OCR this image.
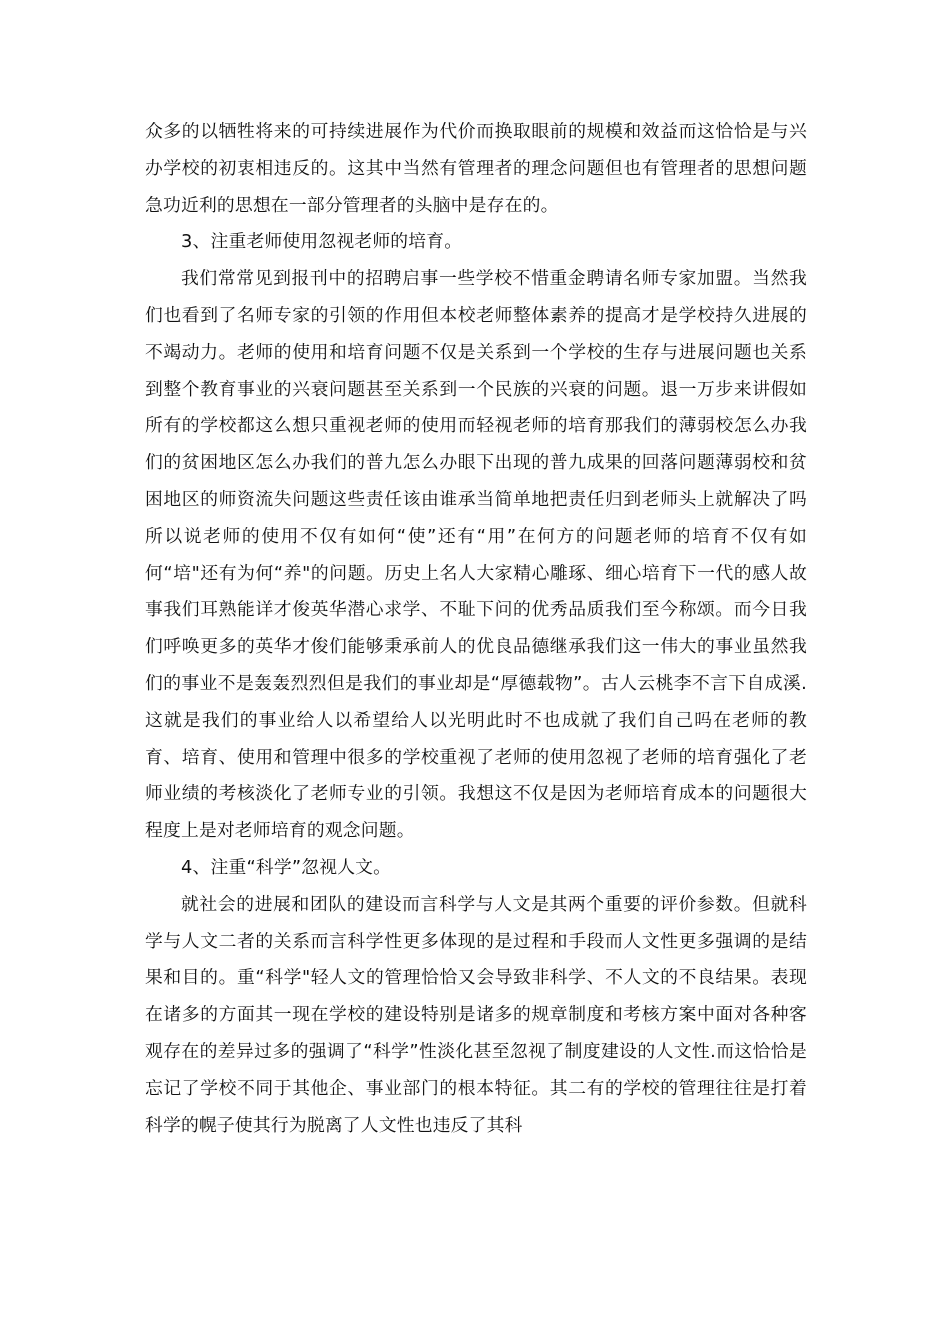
众多的以牺牲将来的可持续进展作为代价而换取眼前的规模和效益而这恰恰是与兴办学校的初衷相违反的。这其中当然有管理者的理念问题但也有管理者的思想问题急功近利的思想在一部分管理者的头脑中是存在的。

3、注重老师使用忽视老师的培育。

我们常常见到报刊中的招聘启事一些学校不惜重金聘请名师专家加盟。当然我们也看到了名师专家的引领的作用但本校老师整体素养的提高才是学校持久进展的不竭动力。老师的使用和培育问题不仅是关系到一个学校的生存与进展问题也关系到整个教育事业的兴衰问题甚至关系到一个民族的兴衰的问题。退一万步来讲假如所有的学校都这么想只重视老师的使用而轻视老师的培育那我们的薄弱校怎么办我们的贫困地区怎么办我们的普九怎么办眼下出现的普九成果的回落问题薄弱校和贫困地区的师资流失问题这些责任该由谁承当简单地把责任归到老师头上就解决了吗所以说老师的使用不仅有如何“使”还有“用”在何方的问题老师的培育不仅有如何“培"还有为何“养"的问题。历史上名人大家精心雕琢、细心培育下一代的感人故事我们耳熟能详才俊英华潜心求学、不耻下问的优秀品质我们至今称颂。而今日我们呼唤更多的英华才俊们能够秉承前人的优良品德继承我们这一伟大的事业虽然我们的事业不是轰轰烈烈但是我们的事业却是“厚德载物”。古人云桃李不言下自成溪.这就是我们的事业给人以希望给人以光明此时不也成就了我们自己吗在老师的教育、培育、使用和管理中很多的学校重视了老师的使用忽视了老师的培育强化了老师业绩的考核淡化了老师专业的引领。我想这不仅是因为老师培育成本的问题很大程度上是对老师培育的观念问题。

4、注重“科学”忽视人文。

就社会的进展和团队的建设而言科学与人文是其两个重要的评价参数。但就科学与人文二者的关系而言科学性更多体现的是过程和手段而人文性更多强调的是结果和目的。重“科学"轻人文的管理恰恰又会导致非科学、不人文的不良结果。表现在诸多的方面其一现在学校的建设特别是诸多的规章制度和考核方案中面对各种客观存在的差异过多的强调了“科学”性淡化甚至忽视了制度建设的人文性.而这恰恰是忘记了学校不同于其他企、事业部门的根本特征。其二有的学校的管理往往是打着科学的幌子使其行为脱离了人文性也违反了其科
